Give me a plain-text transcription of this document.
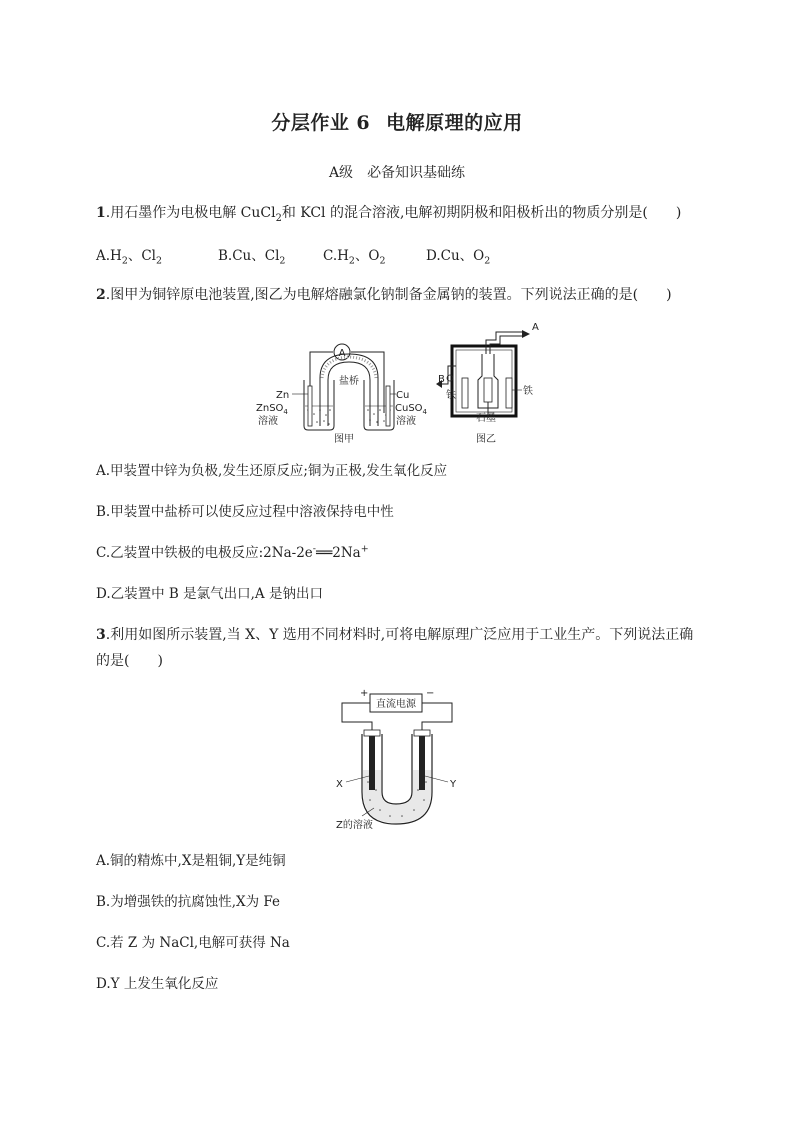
分层作业 6 电解原理的应用
A级 必备知识基础练
1.用石墨作为电极电解 CuCl$_2$和 KCl 的混合溶液,电解初期阴极和阳极析出的物质分别是( )
$A.H_2$、$Cl_2$	B.Cu、$Cl_2$	$C.H_2$、$O_2$	D.Cu、$O_2$
2.图甲为铜锌原电池装置,图乙为电解熔融氯化钠制备金属钠的装置。下列说法正确的是( )
A
盐桥
Zn	Cu
ZnSO$_4$	CuSO$_4$
溶液	溶液
图甲
A
铁
B
铁
石墨
图乙
A.甲装置中锌为负极,发生还原反应;铜为正极,发生氧化反应
B.甲装置中盐桥可以使反应过程中溶液保持电中性
C.乙装置中铁极的电极反应:2Na-2e-══2Na+
D.乙装置中 B 是氯气出口,A 是钠出口
3.利用如图所示装置,当 X、Y 选用不同材料时,可将电解原理广泛应用于工业生产。下列说法正确
的是( )
直流电源
+	−
X	Y
Z的溶液
A.铜的精炼中,X是粗铜,Y是纯铜
B.为增强铁的抗腐蚀性,X为 Fe
C.若 Z 为 NaCl,电解可获得 Na
D.Y 上发生氧化反应
